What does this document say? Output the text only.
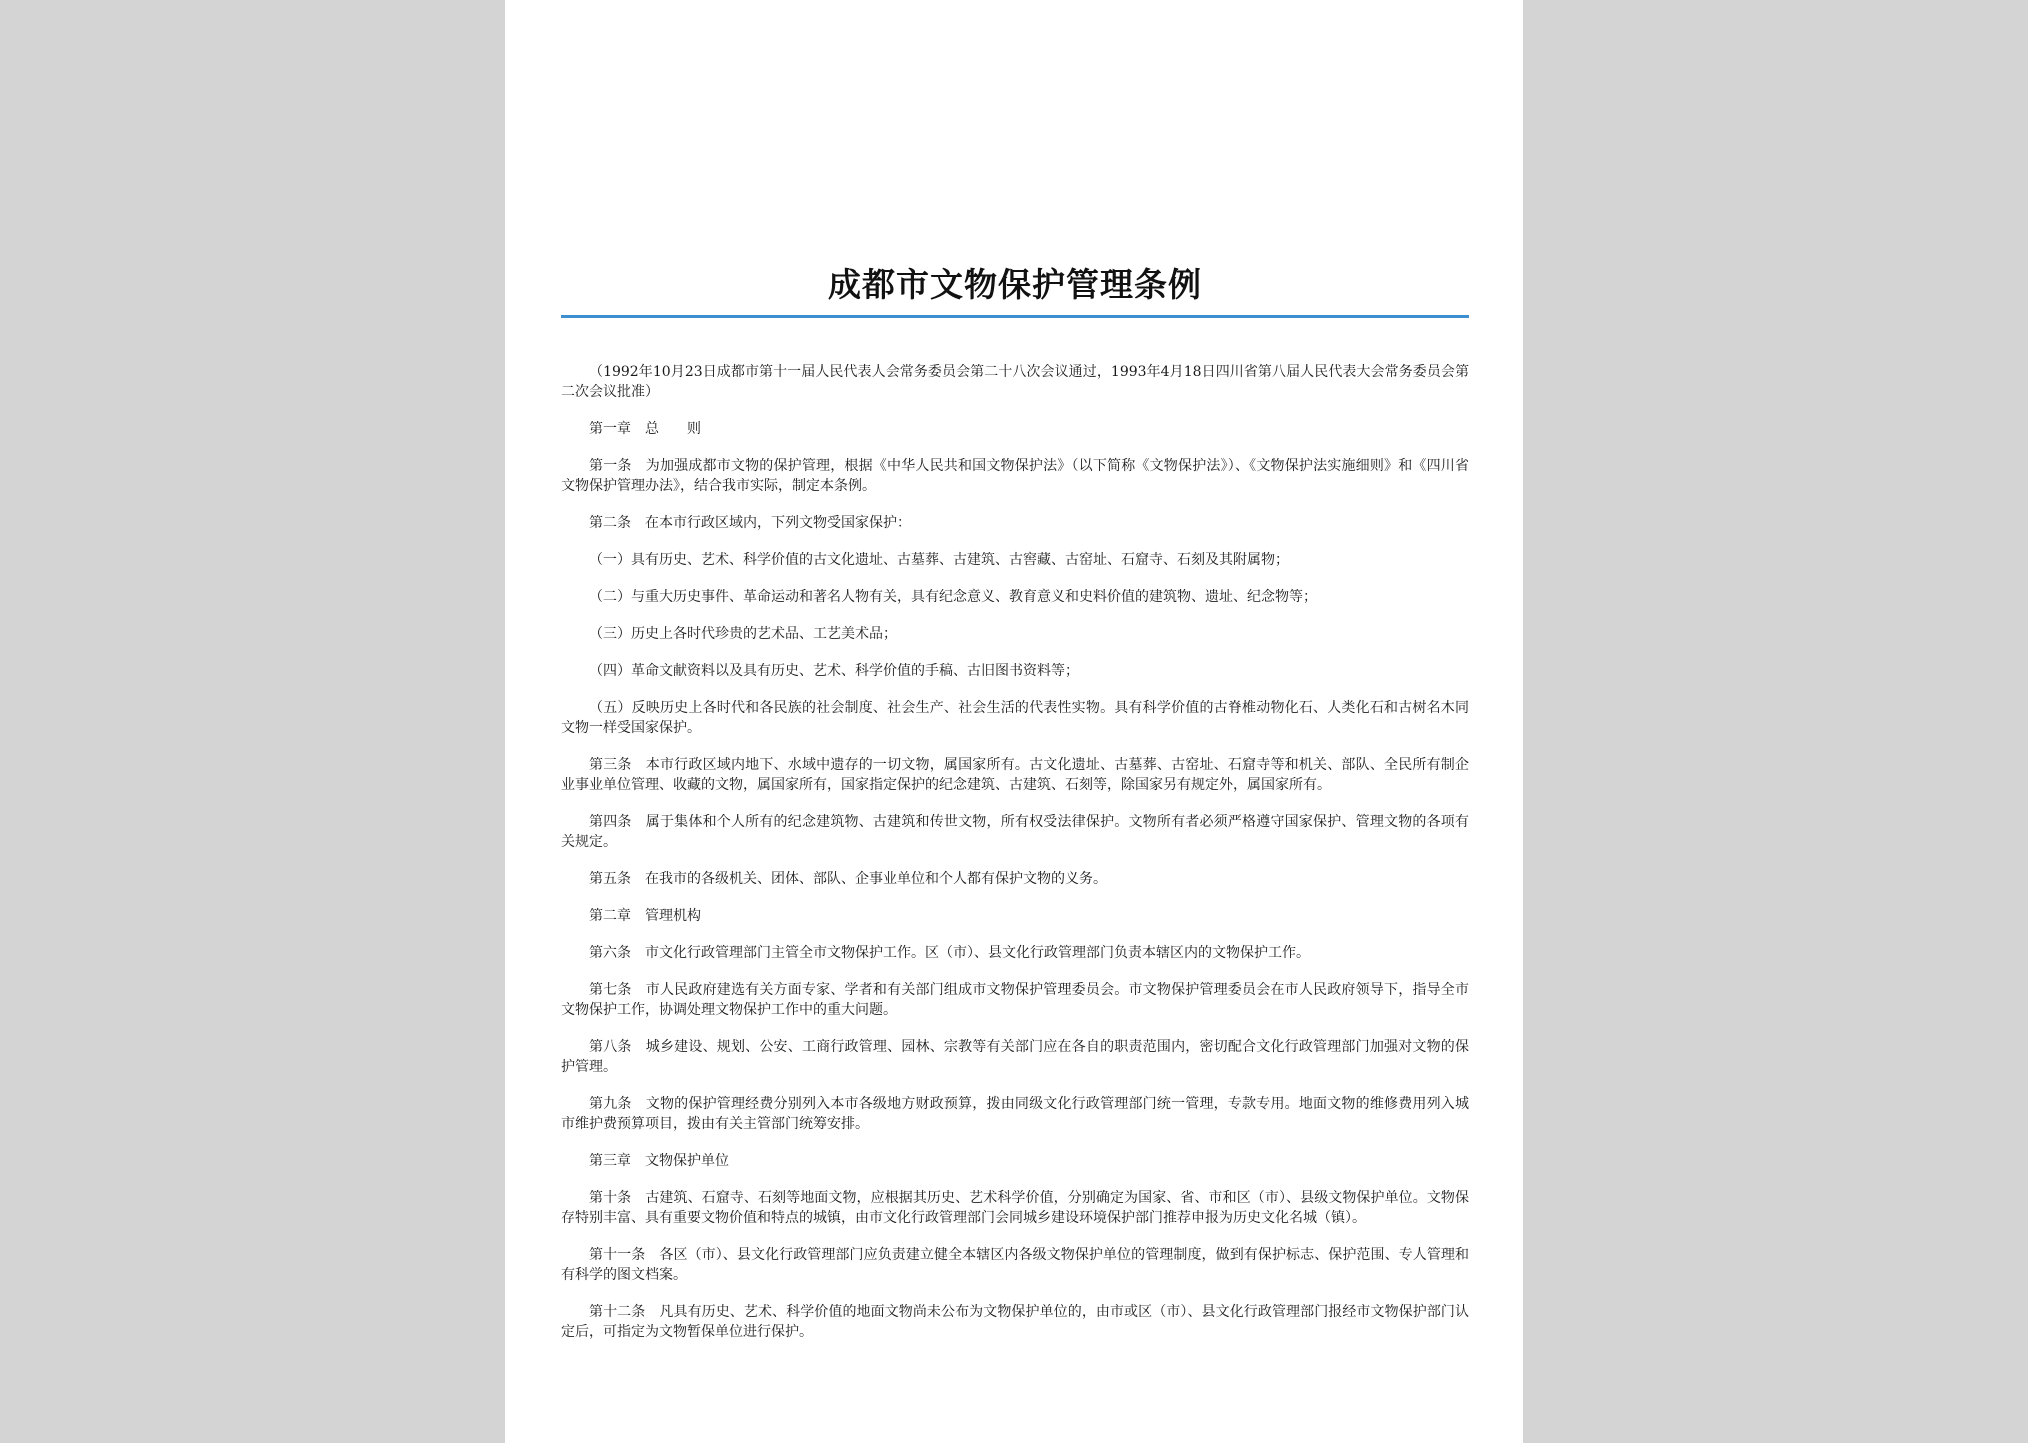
成都市文物保护管理条例

（1992年10月23日成都市第十一届人民代表人会常务委员会第二十八次会议通过，1993年4月18日四川省第八届人民代表大会常务委员会第二次会议批准）

第一章　总　　则

第一条　为加强成都市文物的保护管理，根据《中华人民共和国文物保护法》（以下简称《文物保护法》）、《文物保护法实施细则》和《四川省文物保护管理办法》，结合我市实际，制定本条例。

第二条　在本市行政区域内，下列文物受国家保护：

（一）具有历史、艺术、科学价值的古文化遗址、古墓葬、古建筑、古窖藏、古窑址、石窟寺、石刻及其附属物；

（二）与重大历史事件、革命运动和著名人物有关，具有纪念意义、教育意义和史料价值的建筑物、遗址、纪念物等；

（三）历史上各时代珍贵的艺术品、工艺美术品；

（四）革命文献资料以及具有历史、艺术、科学价值的手稿、古旧图书资料等；

（五）反映历史上各时代和各民族的社会制度、社会生产、社会生活的代表性实物。具有科学价值的古脊椎动物化石、人类化石和古树名木同文物一样受国家保护。

第三条　本市行政区域内地下、水域中遗存的一切文物，属国家所有。古文化遗址、古墓葬、古窑址、石窟寺等和机关、部队、全民所有制企业事业单位管理、收藏的文物，属国家所有，国家指定保护的纪念建筑、古建筑、石刻等，除国家另有规定外，属国家所有。

第四条　属于集体和个人所有的纪念建筑物、古建筑和传世文物，所有权受法律保护。文物所有者必须严格遵守国家保护、管理文物的各项有关规定。

第五条　在我市的各级机关、团体、部队、企事业单位和个人都有保护文物的义务。

第二章　管理机构

第六条　市文化行政管理部门主管全市文物保护工作。区（市）、县文化行政管理部门负责本辖区内的文物保护工作。

第七条　市人民政府建选有关方面专家、学者和有关部门组成市文物保护管理委员会。市文物保护管理委员会在市人民政府领导下，指导全市文物保护工作，协调处理文物保护工作中的重大问题。

第八条　城乡建设、规划、公安、工商行政管理、园林、宗教等有关部门应在各自的职责范围内，密切配合文化行政管理部门加强对文物的保护管理。

第九条　文物的保护管理经费分别列入本市各级地方财政预算，拨由同级文化行政管理部门统一管理，专款专用。地面文物的维修费用列入城市维护费预算项目，拨由有关主管部门统筹安排。

第三章　文物保护单位

第十条　古建筑、石窟寺、石刻等地面文物，应根据其历史、艺术科学价值，分别确定为国家、省、市和区（市）、县级文物保护单位。文物保存特别丰富、具有重要文物价值和特点的城镇，由市文化行政管理部门会同城乡建设环境保护部门推荐申报为历史文化名城（镇）。

第十一条　各区（市）、县文化行政管理部门应负责建立健全本辖区内各级文物保护单位的管理制度，做到有保护标志、保护范围、专人管理和有科学的图文档案。

第十二条　凡具有历史、艺术、科学价值的地面文物尚未公布为文物保护单位的，由市或区（市）、县文化行政管理部门报经市文物保护部门认定后，可指定为文物暂保单位进行保护。
